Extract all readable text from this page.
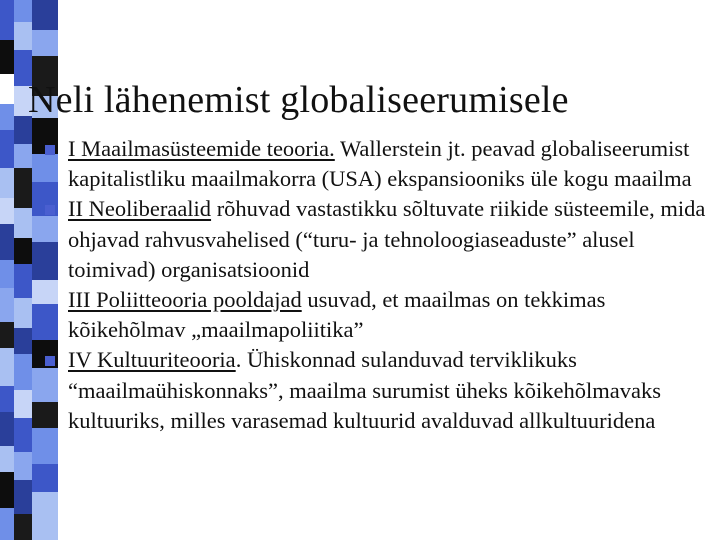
Neli lähenemist globaliseerumisele
I Maailmasüsteemide teooria. Wallerstein jt. peavad globaliseerumist kapitalistliku maailmakorra (USA) ekspansiooniks üle kogu maailma
II Neoliberaalid rõhuvad vastastikku sõltuvate riikide süsteemile, mida ohjavad rahvusvahelised (“turu- ja tehnoloogiaseaduste” alusel toimivad) organisatsioonid
III Poliitteooria pooldajad usuvad, et maailmas on tekkimas kõikehõlmav „maailmapoliitika”
IV Kultuuriteooria. Ühiskonnad sulanduvad terviklikuks “maailmaühiskonnaks”, maailma surumist üheks kõikehõlmavaks kultuuriks, milles varasemad kultuurid avalduvad allkultuuridena
